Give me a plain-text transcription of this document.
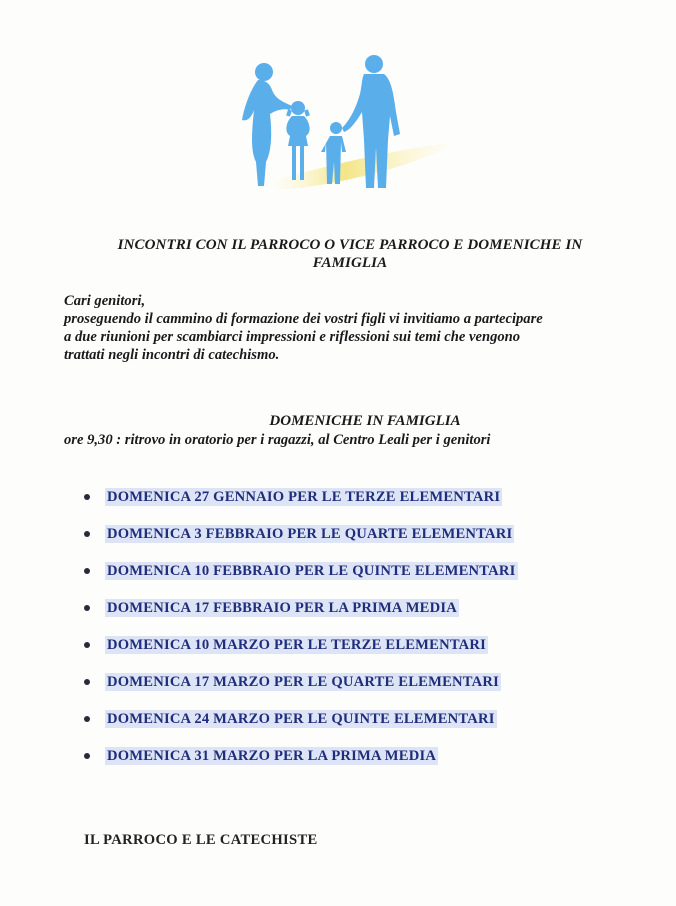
INCONTRI CON IL PARROCO O VICE PARROCO E DOMENICHE IN
FAMIGLIA
Cari genitori,
proseguendo il cammino di formazione dei vostri figli vi invitiamo a partecipare
a due riunioni per scambiarci impressioni e riflessioni sui temi che vengono
trattati negli incontri di catechismo.
DOMENICHE IN FAMIGLIA
ore 9,30 : ritrovo in oratorio per i ragazzi, al Centro Leali per i genitori
DOMENICA 27 GENNAIO PER LE TERZE ELEMENTARI
DOMENICA 3 FEBBRAIO PER LE QUARTE ELEMENTARI
DOMENICA 10 FEBBRAIO PER LE QUINTE ELEMENTARI
DOMENICA 17 FEBBRAIO PER LA PRIMA MEDIA
DOMENICA 10 MARZO PER LE TERZE ELEMENTARI
DOMENICA 17 MARZO PER LE QUARTE ELEMENTARI
DOMENICA 24 MARZO PER LE QUINTE ELEMENTARI
DOMENICA 31 MARZO PER LA PRIMA MEDIA
IL PARROCO E LE CATECHISTE
